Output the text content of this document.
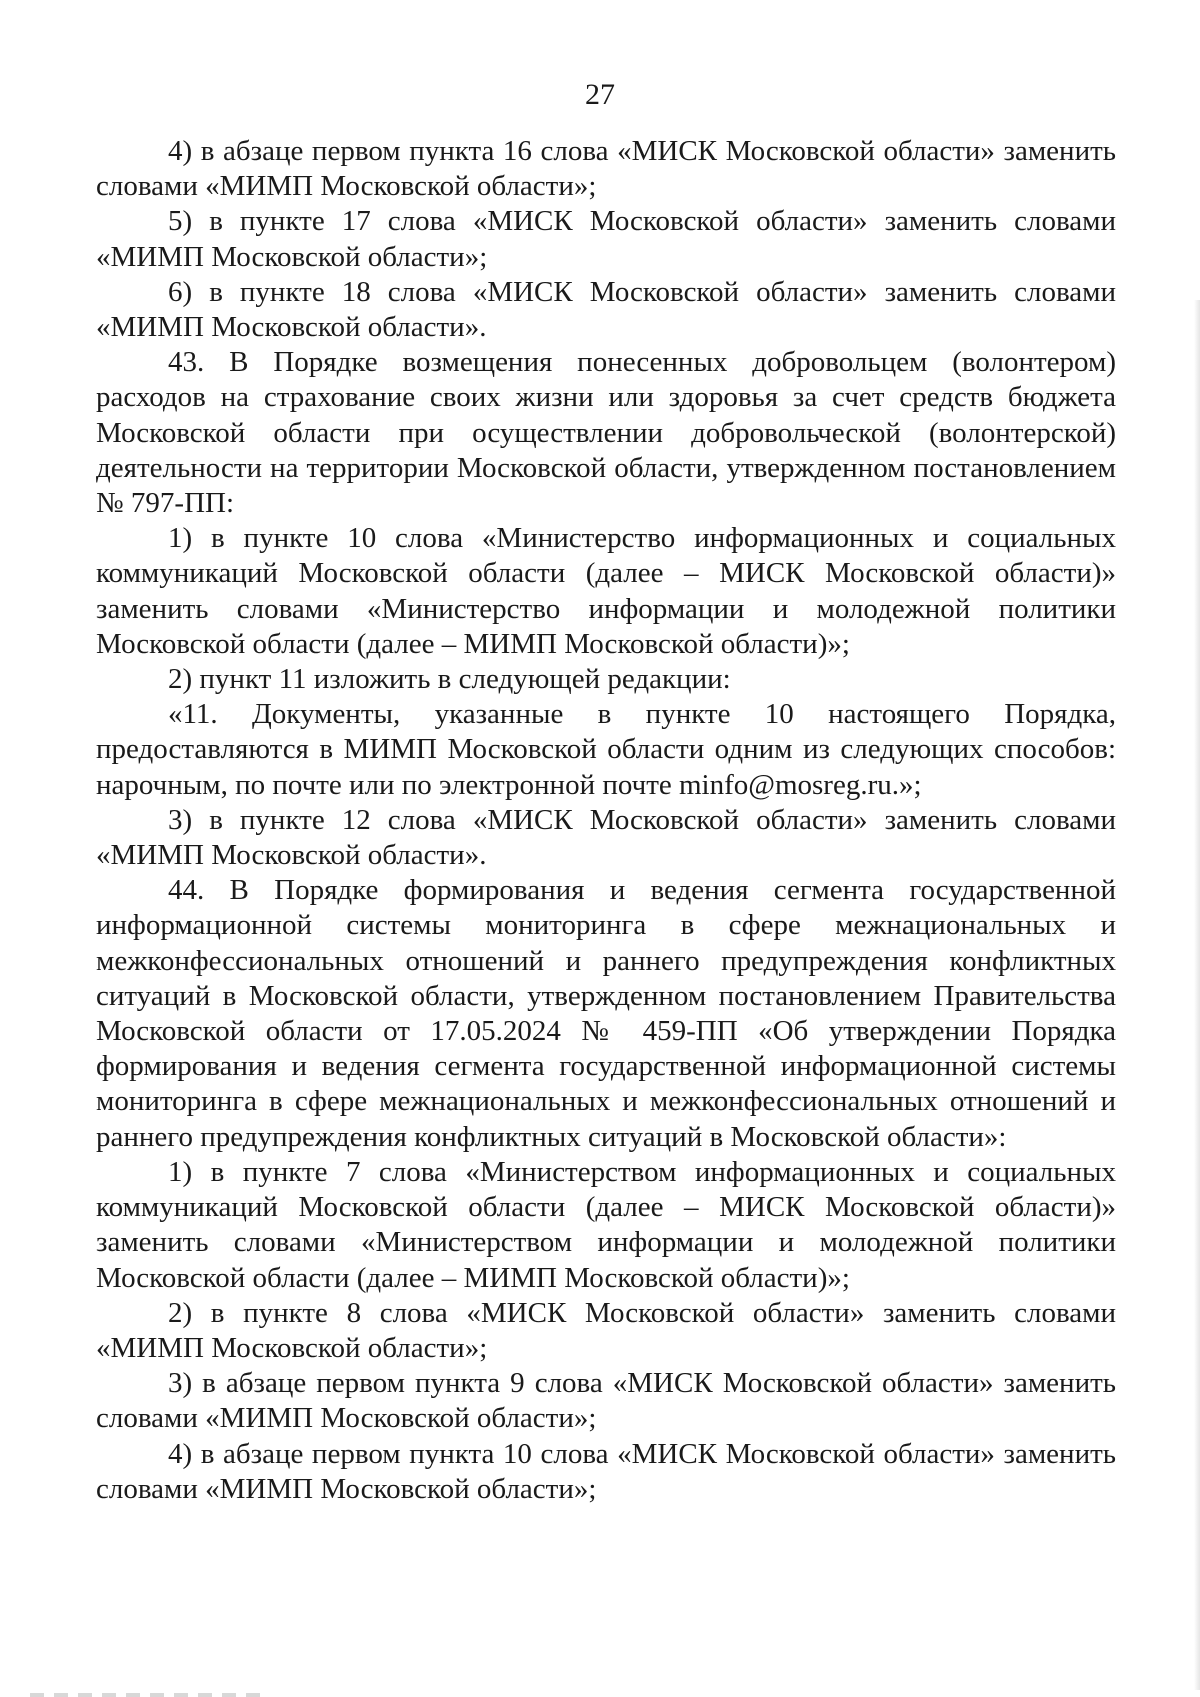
27

4) в абзаце первом пункта 16 слова «МИСК Московской области» заменить словами «МИМП Московской области»;

5) в пункте 17 слова «МИСК Московской области» заменить словами «МИМП Московской области»;

6) в пункте 18 слова «МИСК Московской области» заменить словами «МИМП Московской области».

43. В Порядке возмещения понесенных добровольцем (волонтером) расходов на страхование своих жизни или здоровья за счет средств бюджета Московской области при осуществлении добровольческой (волонтерской) деятельности на территории Московской области, утвержденном постановлением № 797-ПП:

1) в пункте 10 слова «Министерство информационных и социальных коммуникаций Московской области (далее – МИСК Московской области)» заменить словами «Министерство информации и молодежной политики Московской области (далее – МИМП Московской области)»;

2) пункт 11 изложить в следующей редакции:

«11. Документы, указанные в пункте 10 настоящего Порядка, предоставляются в МИМП Московской области одним из следующих способов: нарочным, по почте или по электронной почте minfo@mosreg.ru.»;

3) в пункте 12 слова «МИСК Московской области» заменить словами «МИМП Московской области».

44. В Порядке формирования и ведения сегмента государственной информационной системы мониторинга в сфере межнациональных и межконфессиональных отношений и раннего предупреждения конфликтных ситуаций в Московской области, утвержденном постановлением Правительства Московской области от 17.05.2024 № 459-ПП «Об утверждении Порядка формирования и ведения сегмента государственной информационной системы мониторинга в сфере межнациональных и межконфессиональных отношений и раннего предупреждения конфликтных ситуаций в Московской области»:

1) в пункте 7 слова «Министерством информационных и социальных коммуникаций Московской области (далее – МИСК Московской области)» заменить словами «Министерством информации и молодежной политики Московской области (далее – МИМП Московской области)»;

2) в пункте 8 слова «МИСК Московской области» заменить словами «МИМП Московской области»;

3) в абзаце первом пункта 9 слова «МИСК Московской области» заменить словами «МИМП Московской области»;

4) в абзаце первом пункта 10 слова «МИСК Московской области» заменить словами «МИМП Московской области»;
